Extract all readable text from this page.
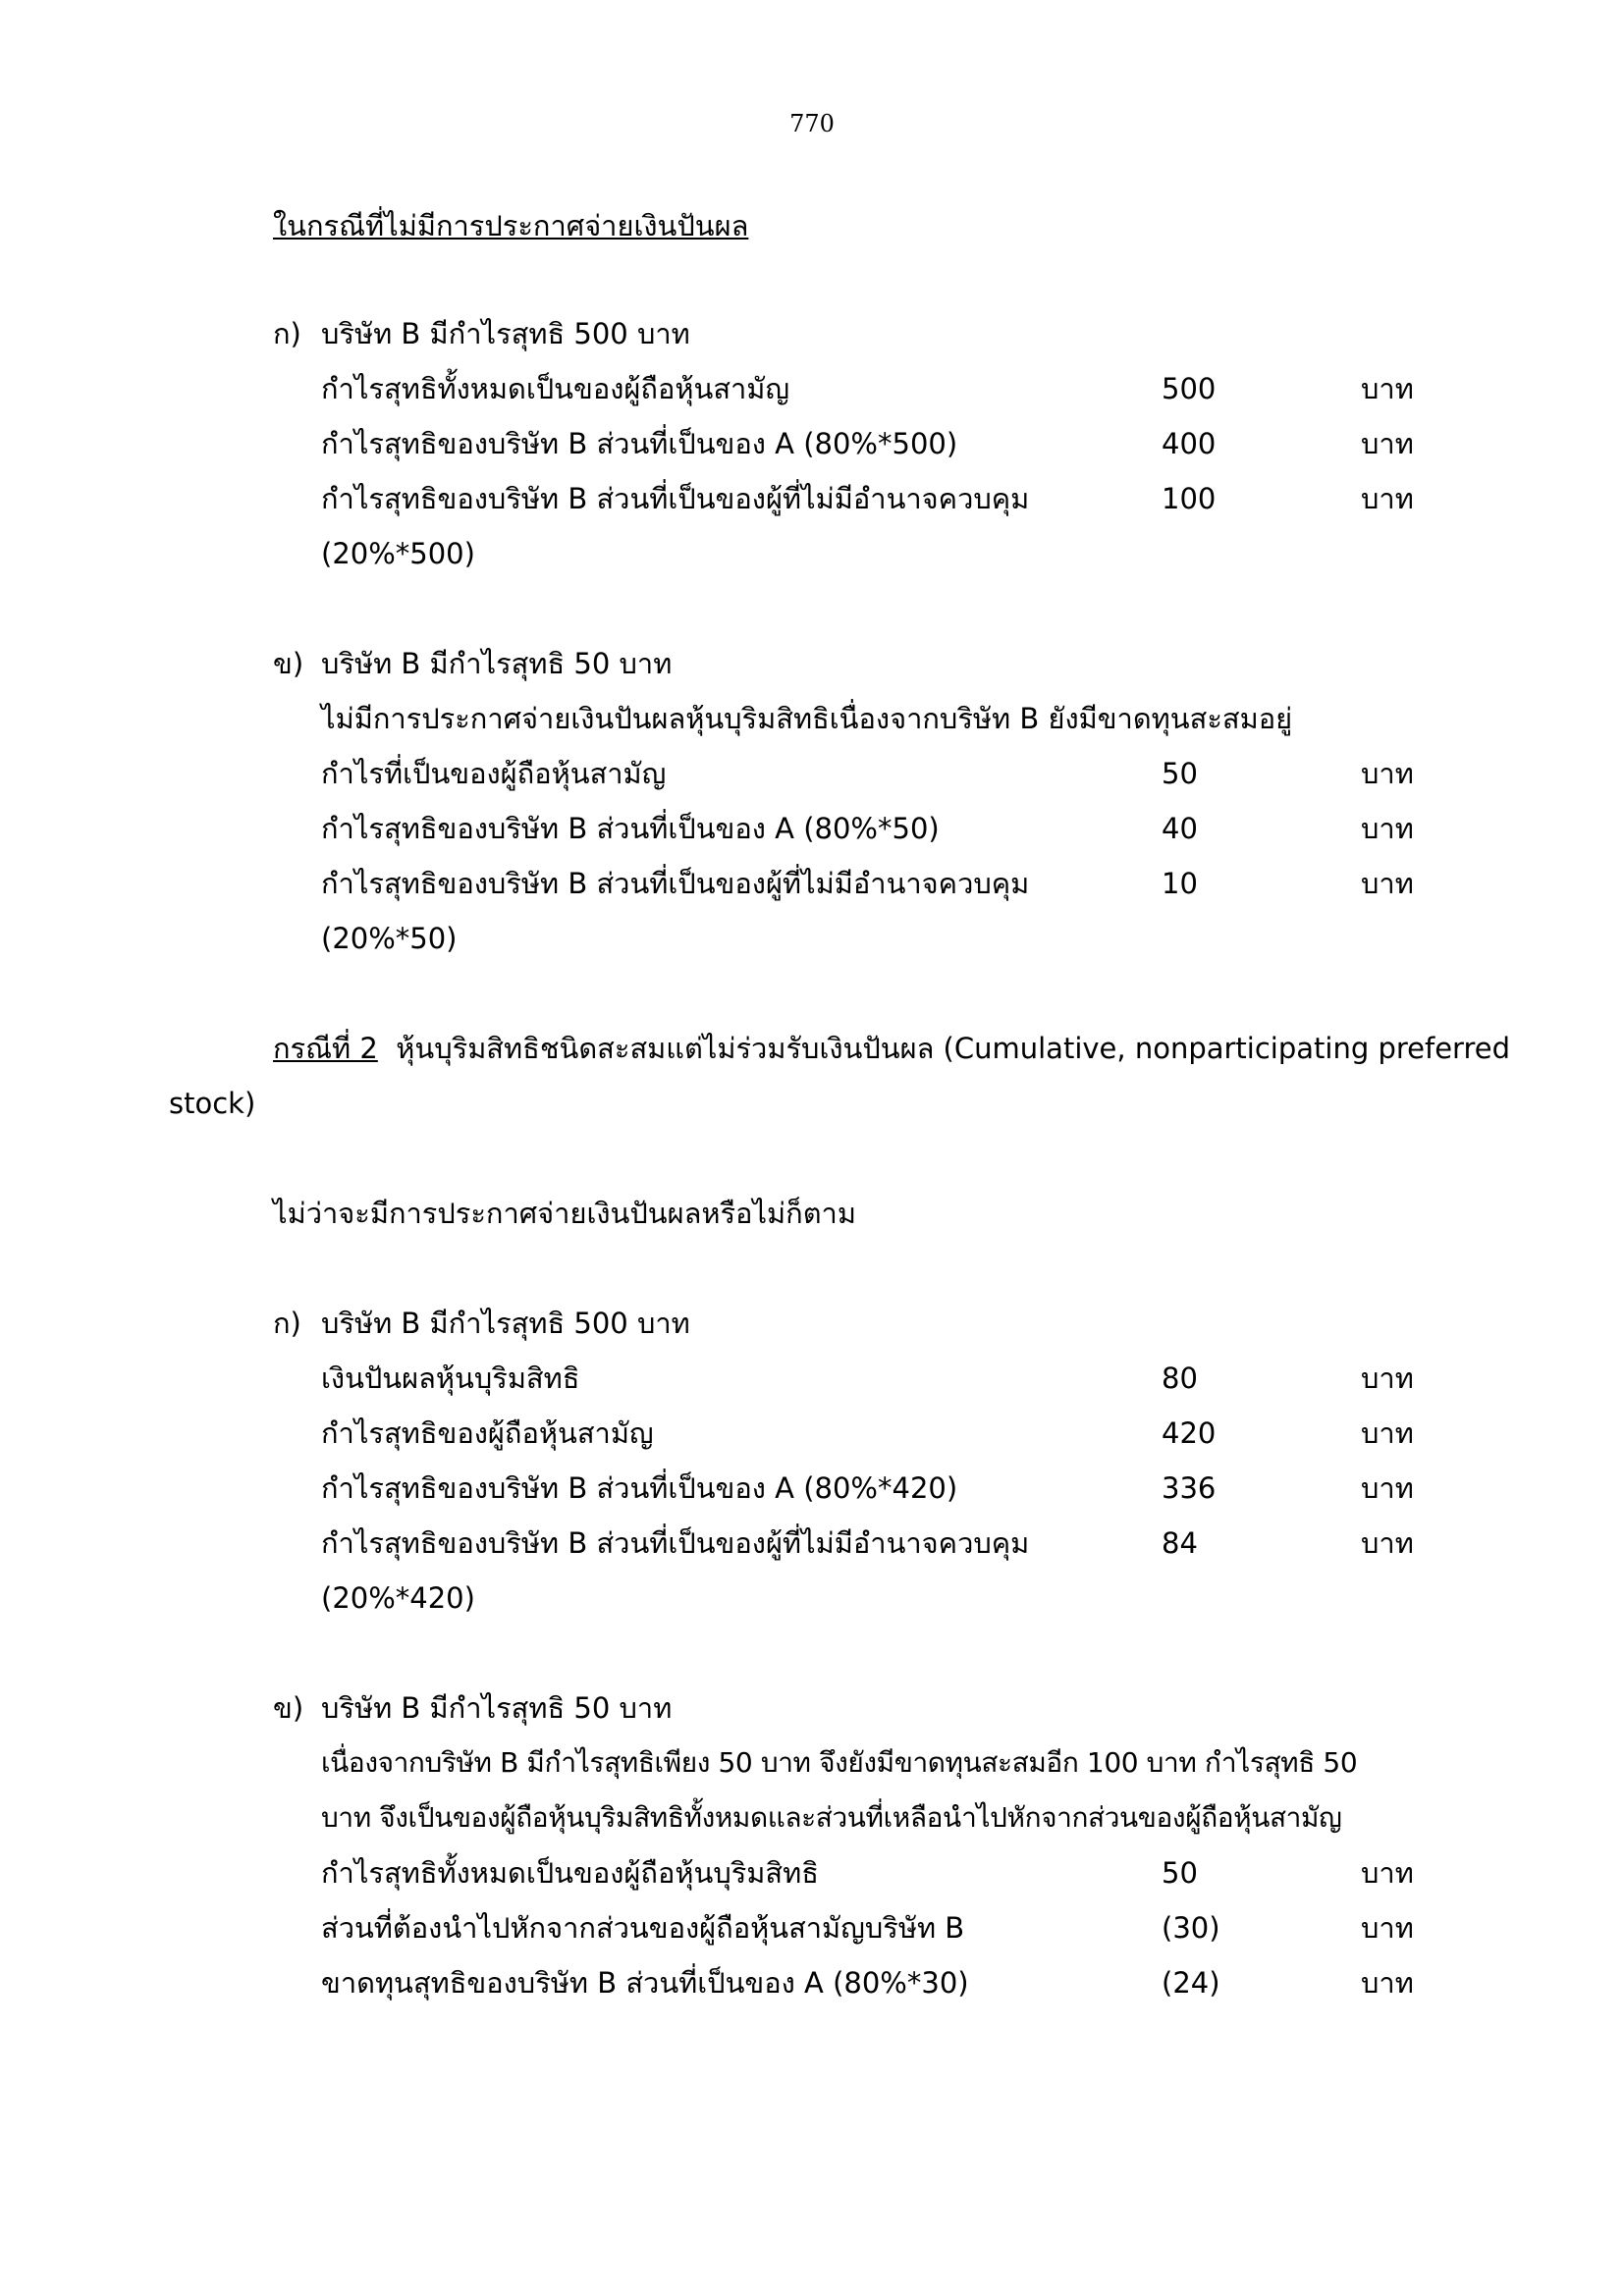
770
ในกรณีที่ไม่มีการประกาศจ่ายเงินปันผล
ก) บริษัท B มีกำไรสุทธิ 500 บาท
กำไรสุทธิทั้งหมดเป็นของผู้ถือหุ้นสามัญ	500	บาท
กำไรสุทธิของบริษัท B ส่วนที่เป็นของ A (80%*500)	400	บาท
กำไรสุทธิของบริษัท B ส่วนที่เป็นของผู้ที่ไม่มีอำนาจควบคุม	100	บาท
(20%*500)
ข) บริษัท B มีกำไรสุทธิ 50 บาท
ไม่มีการประกาศจ่ายเงินปันผลหุ้นบุริมสิทธิเนื่องจากบริษัท B ยังมีขาดทุนสะสมอยู่
กำไรที่เป็นของผู้ถือหุ้นสามัญ	50	บาท
กำไรสุทธิของบริษัท B ส่วนที่เป็นของ A (80%*50)	40	บาท
กำไรสุทธิของบริษัท B ส่วนที่เป็นของผู้ที่ไม่มีอำนาจควบคุม	10	บาท
(20%*50)
กรณีที่ 2 หุ้นบุริมสิทธิชนิดสะสมแต่ไม่ร่วมรับเงินปันผล (Cumulative, nonparticipating preferred
stock)
ไม่ว่าจะมีการประกาศจ่ายเงินปันผลหรือไม่ก็ตาม
ก) บริษัท B มีกำไรสุทธิ 500 บาท
เงินปันผลหุ้นบุริมสิทธิ	80	บาท
กำไรสุทธิของผู้ถือหุ้นสามัญ	420	บาท
กำไรสุทธิของบริษัท B ส่วนที่เป็นของ A (80%*420)	336	บาท
กำไรสุทธิของบริษัท B ส่วนที่เป็นของผู้ที่ไม่มีอำนาจควบคุม	84	บาท
(20%*420)
ข) บริษัท B มีกำไรสุทธิ 50 บาท
เนื่องจากบริษัท B มีกำไรสุทธิเพียง 50 บาท จึงยังมีขาดทุนสะสมอีก 100 บาท กำไรสุทธิ 50
บาท จึงเป็นของผู้ถือหุ้นบุริมสิทธิทั้งหมดและส่วนที่เหลือนำไปหักจากส่วนของผู้ถือหุ้นสามัญ
กำไรสุทธิทั้งหมดเป็นของผู้ถือหุ้นบุริมสิทธิ	50	บาท
ส่วนที่ต้องนำไปหักจากส่วนของผู้ถือหุ้นสามัญบริษัท B	(30)	บาท
ขาดทุนสุทธิของบริษัท B ส่วนที่เป็นของ A (80%*30)	(24)	บาท
